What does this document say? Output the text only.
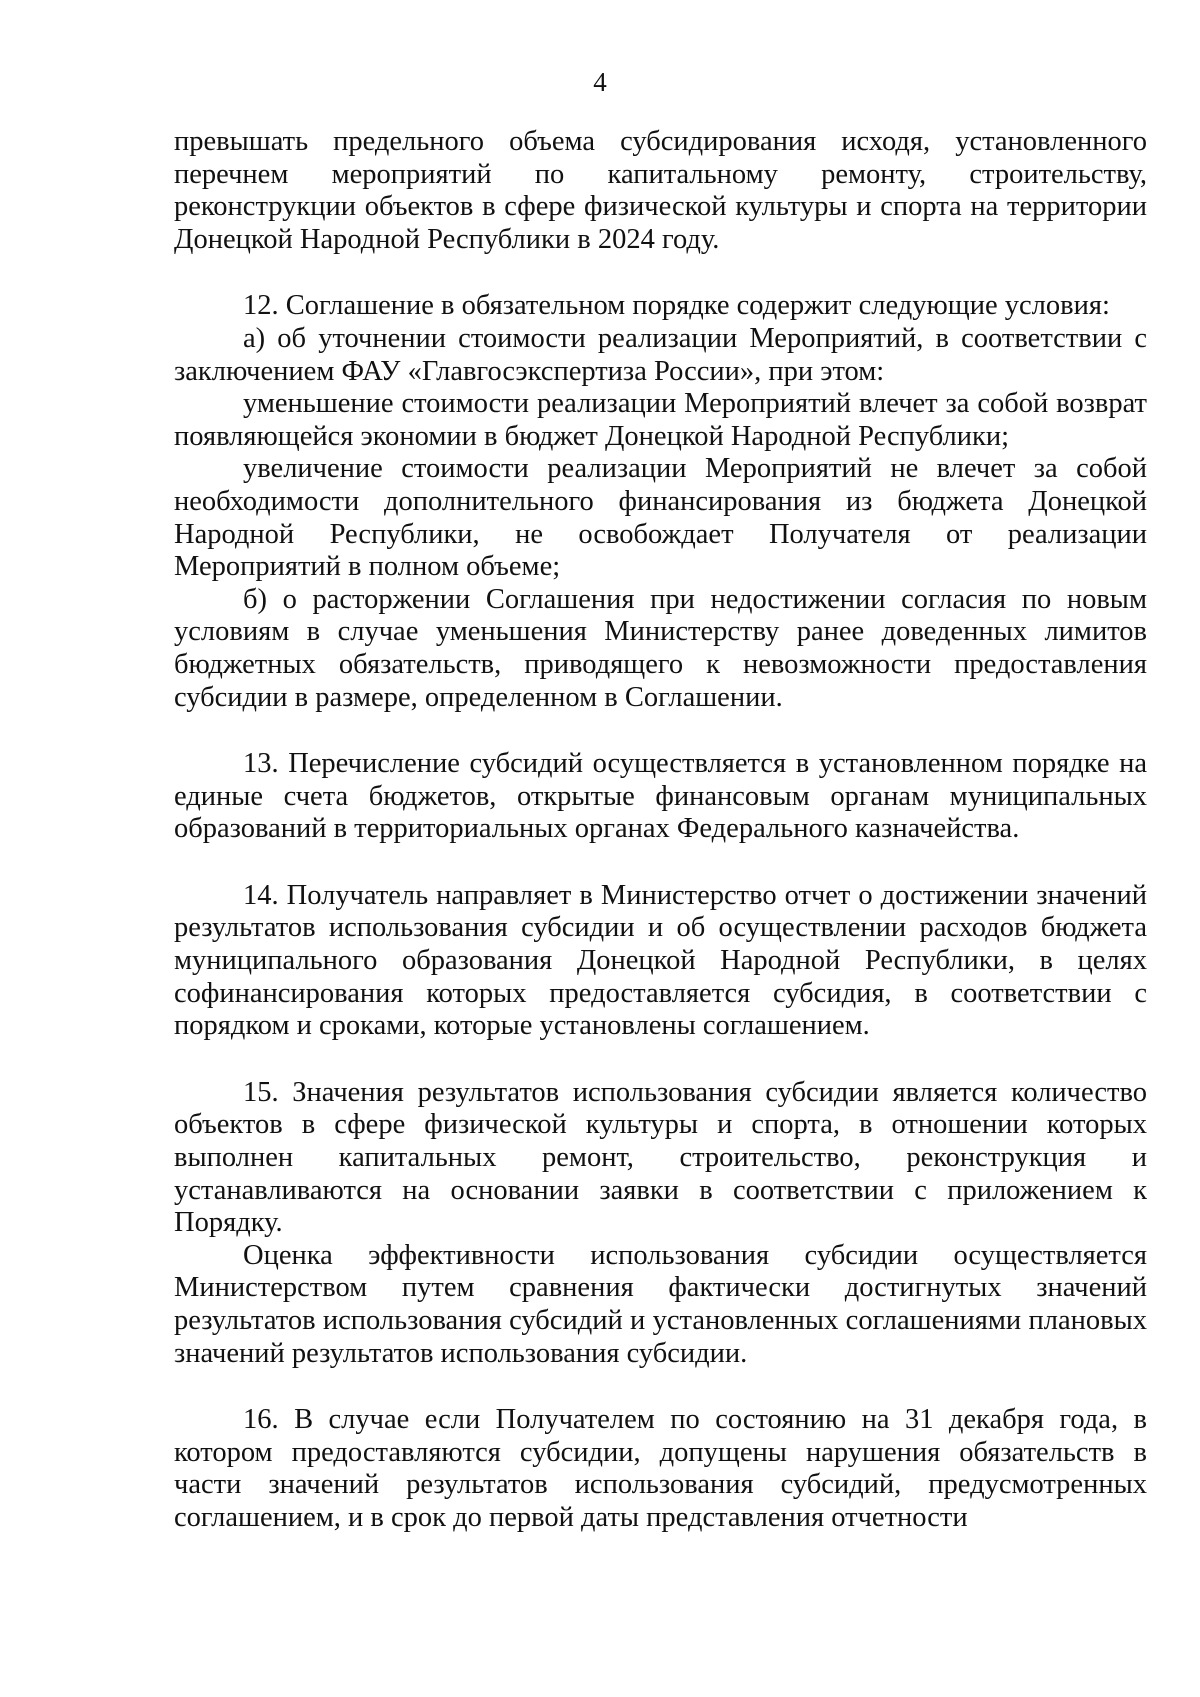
4

превышать предельного объема субсидирования исходя, установленного перечнем мероприятий по капитальному ремонту, строительству, реконструкции объектов в сфере физической культуры и спорта на территории Донецкой Народной Республики в 2024 году.

12. Соглашение в обязательном порядке содержит следующие условия:

а) об уточнении стоимости реализации Мероприятий, в соответствии с заключением ФАУ «Главгосэкспертиза России», при этом:

уменьшение стоимости реализации Мероприятий влечет за собой возврат появляющейся экономии в бюджет Донецкой Народной Республики;

увеличение стоимости реализации Мероприятий не влечет за собой необходимости дополнительного финансирования из бюджета Донецкой Народной Республики, не освобождает Получателя от реализации Мероприятий в полном объеме;

б) о расторжении Соглашения при недостижении согласия по новым условиям в случае уменьшения Министерству ранее доведенных лимитов бюджетных обязательств, приводящего к невозможности предоставления субсидии в размере, определенном в Соглашении.

13. Перечисление субсидий осуществляется в установленном порядке на единые счета бюджетов, открытые финансовым органам муниципальных образований в территориальных органах Федерального казначейства.

14. Получатель направляет в Министерство отчет о достижении значений результатов использования субсидии и об осуществлении расходов бюджета муниципального образования Донецкой Народной Республики, в целях софинансирования которых предоставляется субсидия, в соответствии с порядком и сроками, которые установлены соглашением.

15. Значения результатов использования субсидии является количество объектов в сфере физической культуры и спорта, в отношении которых выполнен капитальных ремонт, строительство, реконструкция и устанавливаются на основании заявки в соответствии с приложением к Порядку.

Оценка эффективности использования субсидии осуществляется Министерством путем сравнения фактически достигнутых значений результатов использования субсидий и установленных соглашениями плановых значений результатов использования субсидии.

16. В случае если Получателем по состоянию на 31 декабря года, в котором предоставляются субсидии, допущены нарушения обязательств в части значений результатов использования субсидий, предусмотренных соглашением, и в срок до первой даты представления отчетности
